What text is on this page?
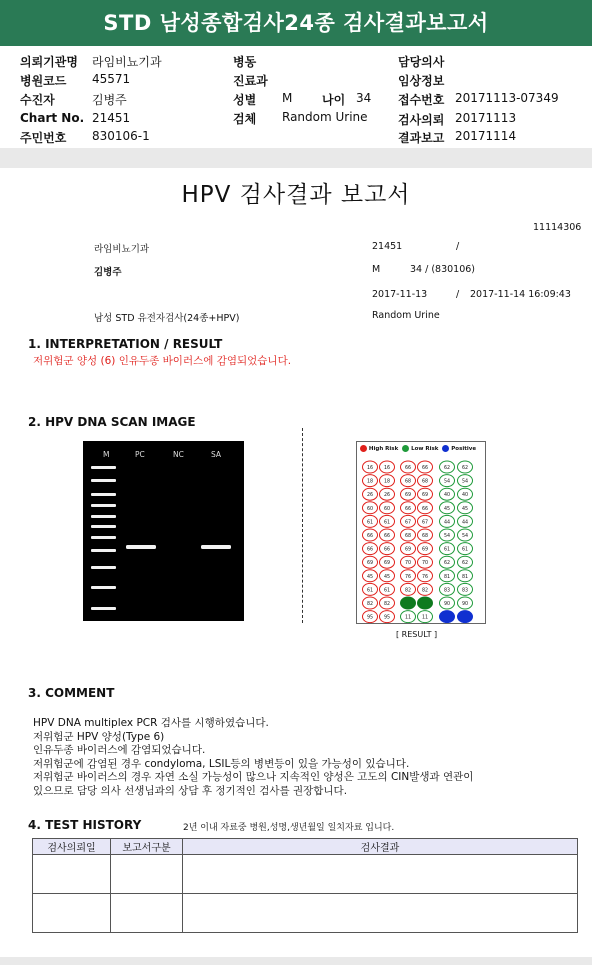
STD 남성종합검사24종 검사결과보고서
의뢰기관명 라임비뇨기과
병원코드 45571
수진자	김병주
Chart No. 21451
주민번호 830106-1
병동
진료과
성별 M 나이 34
검체 Random Urine
담당의사
임상정보
접수번호 20171113-07349
검사의뢰 20171113
결과보고 20171114
HPV 검사결과 보고서
11114306
라임비뇨기과	21451	/
김병주	M	34 / (830106)
2017-11-13	/ 2017-11-14 16:09:43
남성 STD 유전자검사(24종+HPV)	Random Urine
1. INTERPRETATION / RESULT
저위험군 양성 (6) 인유두종 바이러스에 감염되었습니다.
2. HPV DNA SCAN IMAGE
M	PC	NC	SA
High Risk Low Risk Positive
16 16	66 66	62 62
18 18	68 68	54 54
26 26	69 69	40 40
60 60	66 66	45 45
61 61	67 67	44 44
66 66	68 68	54 54
66 66	69 69	61 61
69 69	70 70	62 62
45 45	76 76	81 81
61 61	82 82	83 83
82 82	90 90
95 95	11 11
[ RESULT ]
3. COMMENT
HPV DNA multiplex PCR 검사를 시행하였습니다.
저위험군 HPV 양성(Type 6)
인유두종 바이러스에 감염되었습니다.
저위험군에 감염된 경우 condyloma, LSIL등의 병변등이 있을 가능성이 있습니다.
저위험군 바이러스의 경우 자연 소실 가능성이 많으나 지속적인 양성은 고도의 CIN발생과 연관이
있으므로 담당 의사 선생님과의 상담 후 정기적인 검사를 권장합니다.
4. TEST HISTORY	2년 이내 자료중 병원,성명,생년월일 일치자료 입니다.
검사의뢰일	보고서구분	검사결과
